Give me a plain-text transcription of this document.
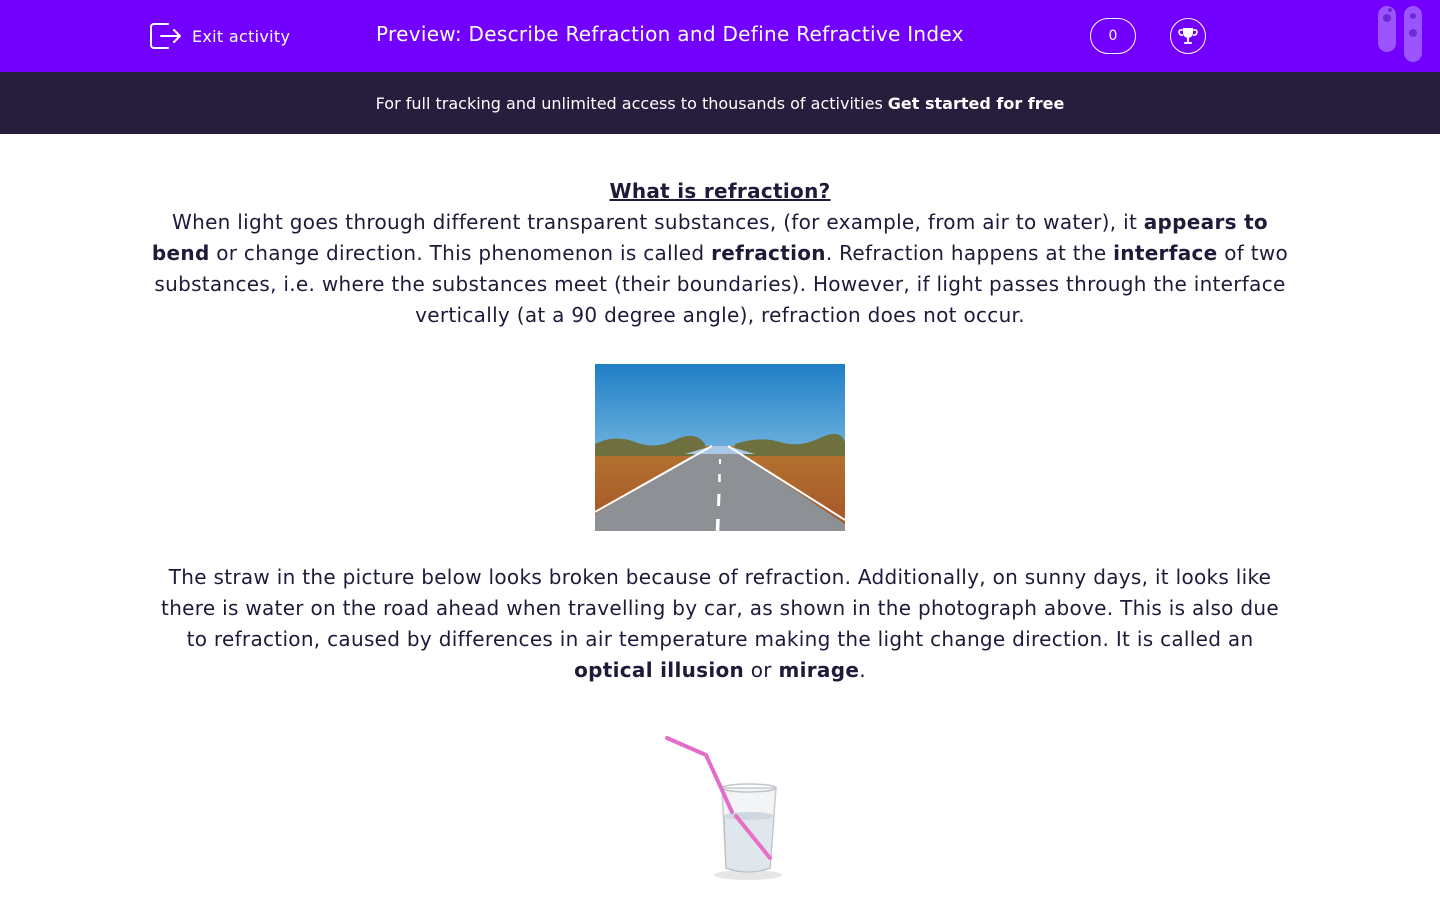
Exit activity	Preview: Describe Refraction and Define Refractive Index	0
For full tracking and unlimited access to thousands of activities Get started for free
What is refraction?
When light goes through different transparent substances, (for example, from air to water), it appears to bend or change direction. This phenomenon is called refraction. Refraction happens at the interface of two substances, i.e. where the substances meet (their boundaries). However, if light passes through the interface vertically (at a 90 degree angle), refraction does not occur.
The straw in the picture below looks broken because of refraction. Additionally, on sunny days, it looks like there is water on the road ahead when travelling by car, as shown in the photograph above. This is also due to refraction, caused by differences in air temperature making the light change direction. It is called an optical illusion or mirage.
